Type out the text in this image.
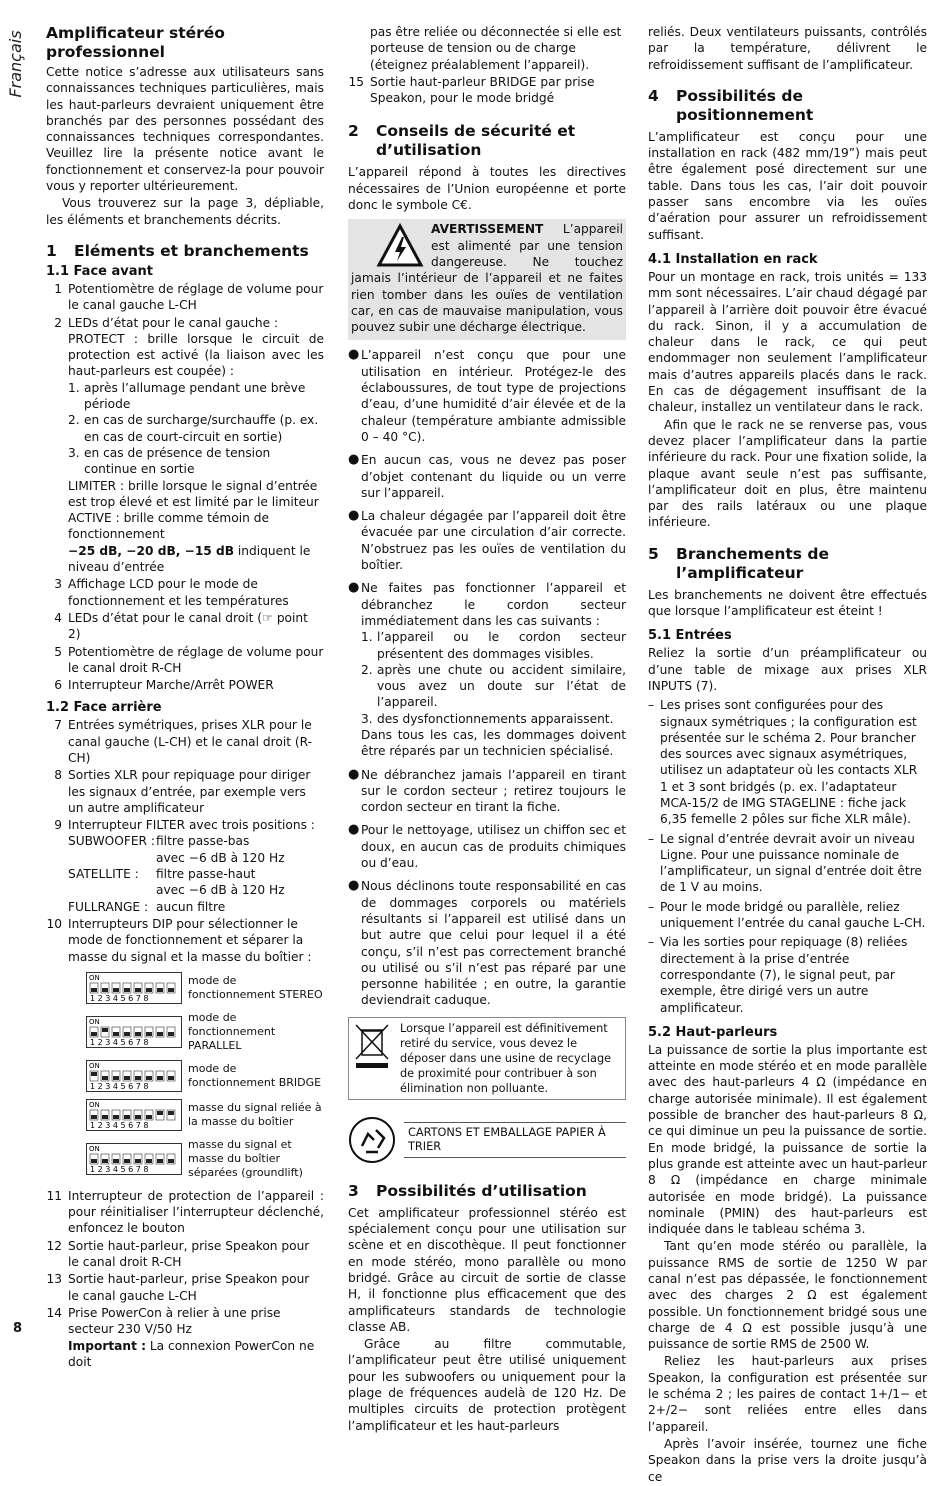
Français
8
Amplificateur stéréo professionnel

Cette notice s’adresse aux utilisateurs sans connaissances techniques particulières, mais les haut-parleurs devraient uniquement être branchés par des personnes possédant des connaissances techniques correspondantes. Veuillez lire la présente notice avant le fonctionnement et conservez-la pour pouvoir vous y reporter ultérieurement.

Vous trouverez sur la page 3, dépliable, les éléments et branchements décrits.

1	Eléments et branchements
1.1 Face avant
1 Potentiomètre de réglage de volume pour le canal gauche L-CH
2 LEDs d’état pour le canal gauche :

PROTECT : brille lorsque le circuit de protection est activé (la liaison avec les haut-parleurs est coupée) :
1. après l’allumage pendant une brève période
2. en cas de surcharge/surchauffe (p. ex. en cas de court-circuit en sortie)
3. en cas de présence de tension continue en sortie
LIMITER : brille lorsque le signal d’entrée est trop élevé et est limité par le limiteur
ACTIVE : brille comme témoin de fonctionnement
−25 dB, −20 dB, −15 dB indiquent le niveau d’entrée
3 Affichage LCD pour le mode de fonctionnement et les températures
4 LEDs d’état pour le canal droit (☞ point 2)
5 Potentiomètre de réglage de volume pour le canal droit R-CH
6 Interrupteur Marche/Arrêt POWER
1.2 Face arrière
7 Entrées symétriques, prises XLR pour le canal gauche (L-CH) et le canal droit (R-CH)
8 Sorties XLR pour repiquage pour diriger les signaux d’entrée, par exemple vers un autre amplificateur
9 Interrupteur FILTER avec trois positions :
SUBWOOFER : filtre passe-bas
avec −6 dB à 120 Hz
SATELLITE :	filtre passe-haut
avec −6 dB à 120 Hz
FULLRANGE : aucun filtre
10 Interrupteurs DIP pour sélectionner le mode de fonctionnement et séparer la masse du signal et la masse du boîtier :
ON
1 2 3 4 5 6 7 8
mode de fonctionnement STEREO
ON
1 2 3 4 5 6 7 8
mode de fonctionnement PARALLEL
ON
1 2 3 4 5 6 7 8
mode de fonctionnement BRIDGE
ON
1 2 3 4 5 6 7 8
masse du signal reliée à la masse du boîtier
ON
1 2 3 4 5 6 7 8
masse du signal et masse du boîtier séparées (groundlift)
11 Interrupteur de protection de l’appareil : pour réinitialiser l’interrupteur déclenché, enfoncez le bouton
12 Sortie haut-parleur, prise Speakon pour le canal droit R-CH
13 Sortie haut-parleur, prise Speakon pour le canal gauche L-CH
14 Prise PowerCon à relier à une prise secteur 230 V/50 Hz
Important : La connexion PowerCon ne doit
pas être reliée ou déconnectée si elle est porteuse de tension ou de charge (éteignez préalablement l’appareil).
15 Sortie haut-parleur BRIDGE par prise Speakon, pour le mode bridgé
2	Conseils de sécurité et d’utilisation

L’appareil répond à toutes les directives nécessaires de l’Union européenne et porte donc le symbole C€.

AVERTISSEMENT L’appareil est alimenté par une tension dangereuse. Ne touchez jamais l’intérieur de l’appareil et ne faites rien tomber dans les ouïes de ventilation car, en cas de mauvaise manipulation, vous pouvez subir une décharge électrique.
● L’appareil n’est conçu que pour une utilisation en intérieur. Protégez-le des éclaboussures, de tout type de projections d’eau, d’une humidité d’air élevée et de la chaleur (température ambiante admissible 0 – 40 °C).
● En aucun cas, vous ne devez pas poser d’objet contenant du liquide ou un verre sur l’appareil.
● La chaleur dégagée par l’appareil doit être évacuée par une circulation d’air correcte. N’obstruez pas les ouïes de ventilation du boîtier.
● Ne faites pas fonctionner l’appareil et débranchez le cordon secteur immédiatement dans les cas suivants :
1. l’appareil ou le cordon secteur présentent des dommages visibles.
2. après une chute ou accident similaire, vous avez un doute sur l’état de l’appareil.
3. des dysfonctionnements apparaissent.
Dans tous les cas, les dommages doivent être réparés par un technicien spécialisé.
● Ne débranchez jamais l’appareil en tirant sur le cordon secteur ; retirez toujours le cordon secteur en tirant la fiche.
● Pour le nettoyage, utilisez un chiffon sec et doux, en aucun cas de produits chimiques ou d’eau.
● Nous déclinons toute responsabilité en cas de dommages corporels ou matériels résultants si l’appareil est utilisé dans un but autre que celui pour lequel il a été conçu, s’il n’est pas correctement branché ou utilisé ou s’il n’est pas réparé par une personne habilitée ; en outre, la garantie deviendrait caduque.
Lorsque l’appareil est définitivement retiré du service, vous devez le déposer dans une usine de recyclage de proximité pour contribuer à son élimination non polluante.
CARTONS ET EMBALLAGE PAPIER À TRIER
3	Possibilités d’utilisation

Cet amplificateur professionnel stéréo est spécialement conçu pour une utilisation sur scène et en discothèque. Il peut fonctionner en mode stéréo, mono parallèle ou mono bridgé. Grâce au circuit de sortie de classe H, il fonctionne plus efficacement que des amplificateurs standards de technologie classe AB.

Grâce au filtre commutable, l’amplificateur peut être utilisé uniquement pour les subwoofers ou uniquement pour la plage de fréquences audelà de 120 Hz. De multiples circuits de protection protègent l’amplificateur et les haut-parleurs

reliés. Deux ventilateurs puissants, contrôlés par la température, délivrent le refroidissement suffisant de l’amplificateur.

4	Possibilités de positionnement

L’amplificateur est conçu pour une installation en rack (482 mm/19”) mais peut être également posé directement sur une table. Dans tous les cas, l’air doit pouvoir passer sans encombre via les ouïes d’aération pour assurer un refroidissement suffisant.

4.1 Installation en rack

Pour un montage en rack, trois unités = 133 mm sont nécessaires. L’air chaud dégagé par l’appareil à l’arrière doit pouvoir être évacué du rack. Sinon, il y a accumulation de chaleur dans le rack, ce qui peut endommager non seulement l’amplificateur mais d’autres appareils placés dans le rack. En cas de dégagement insuffisant de la chaleur, installez un ventilateur dans le rack.

Afin que le rack ne se renverse pas, vous devez placer l’amplificateur dans la partie inférieure du rack. Pour une fixation solide, la plaque avant seule n’est pas suffisante, l’amplificateur doit en plus, être maintenu par des rails latéraux ou une plaque inférieure.

5	Branchements de l’amplificateur

Les branchements ne doivent être effectués que lorsque l’amplificateur est éteint !

5.1 Entrées

Reliez la sortie d’un préamplificateur ou d’une table de mixage aux prises XLR INPUTS (7).

– Les prises sont configurées pour des signaux symétriques ; la configuration est présentée sur le schéma 2. Pour brancher des sources avec signaux asymétriques, utilisez un adaptateur où les contacts XLR 1 et 3 sont bridgés (p. ex. l’adaptateur MCA-15/2 de IMG STAGELINE : fiche jack 6,35 femelle 2 pôles sur fiche XLR mâle).
– Le signal d’entrée devrait avoir un niveau Ligne. Pour une puissance nominale de l’amplificateur, un signal d’entrée doit être de 1 V au moins.
– Pour le mode bridgé ou parallèle, reliez uniquement l’entrée du canal gauche L-CH.
– Via les sorties pour repiquage (8) reliées directement à la prise d’entrée correspondante (7), le signal peut, par exemple, être dirigé vers un autre amplificateur.
5.2 Haut-parleurs

La puissance de sortie la plus importante est atteinte en mode stéréo et en mode parallèle avec des haut-parleurs 4 Ω (impédance en charge autorisée minimale). Il est également possible de brancher des haut-parleurs 8 Ω, ce qui diminue un peu la puissance de sortie. En mode bridgé, la puissance de sortie la plus grande est atteinte avec un haut-parleur 8 Ω (impédance en charge minimale autorisée en mode bridgé). La puissance nominale (PMIN) des haut-parleurs est indiquée dans le tableau schéma 3.

Tant qu’en mode stéréo ou parallèle, la puissance RMS de sortie de 1250 W par canal n’est pas dépassée, le fonctionnement avec des charges 2 Ω est également possible. Un fonctionnement bridgé sous une charge de 4 Ω est possible jusqu’à une puissance de sortie RMS de 2500 W.

Reliez les haut-parleurs aux prises Speakon, la configuration est présentée sur le schéma 2 ; les paires de contact 1+/1− et 2+/2− sont reliées entre elles dans l’appareil.

Après l’avoir insérée, tournez une fiche Speakon dans la prise vers la droite jusqu’à ce
